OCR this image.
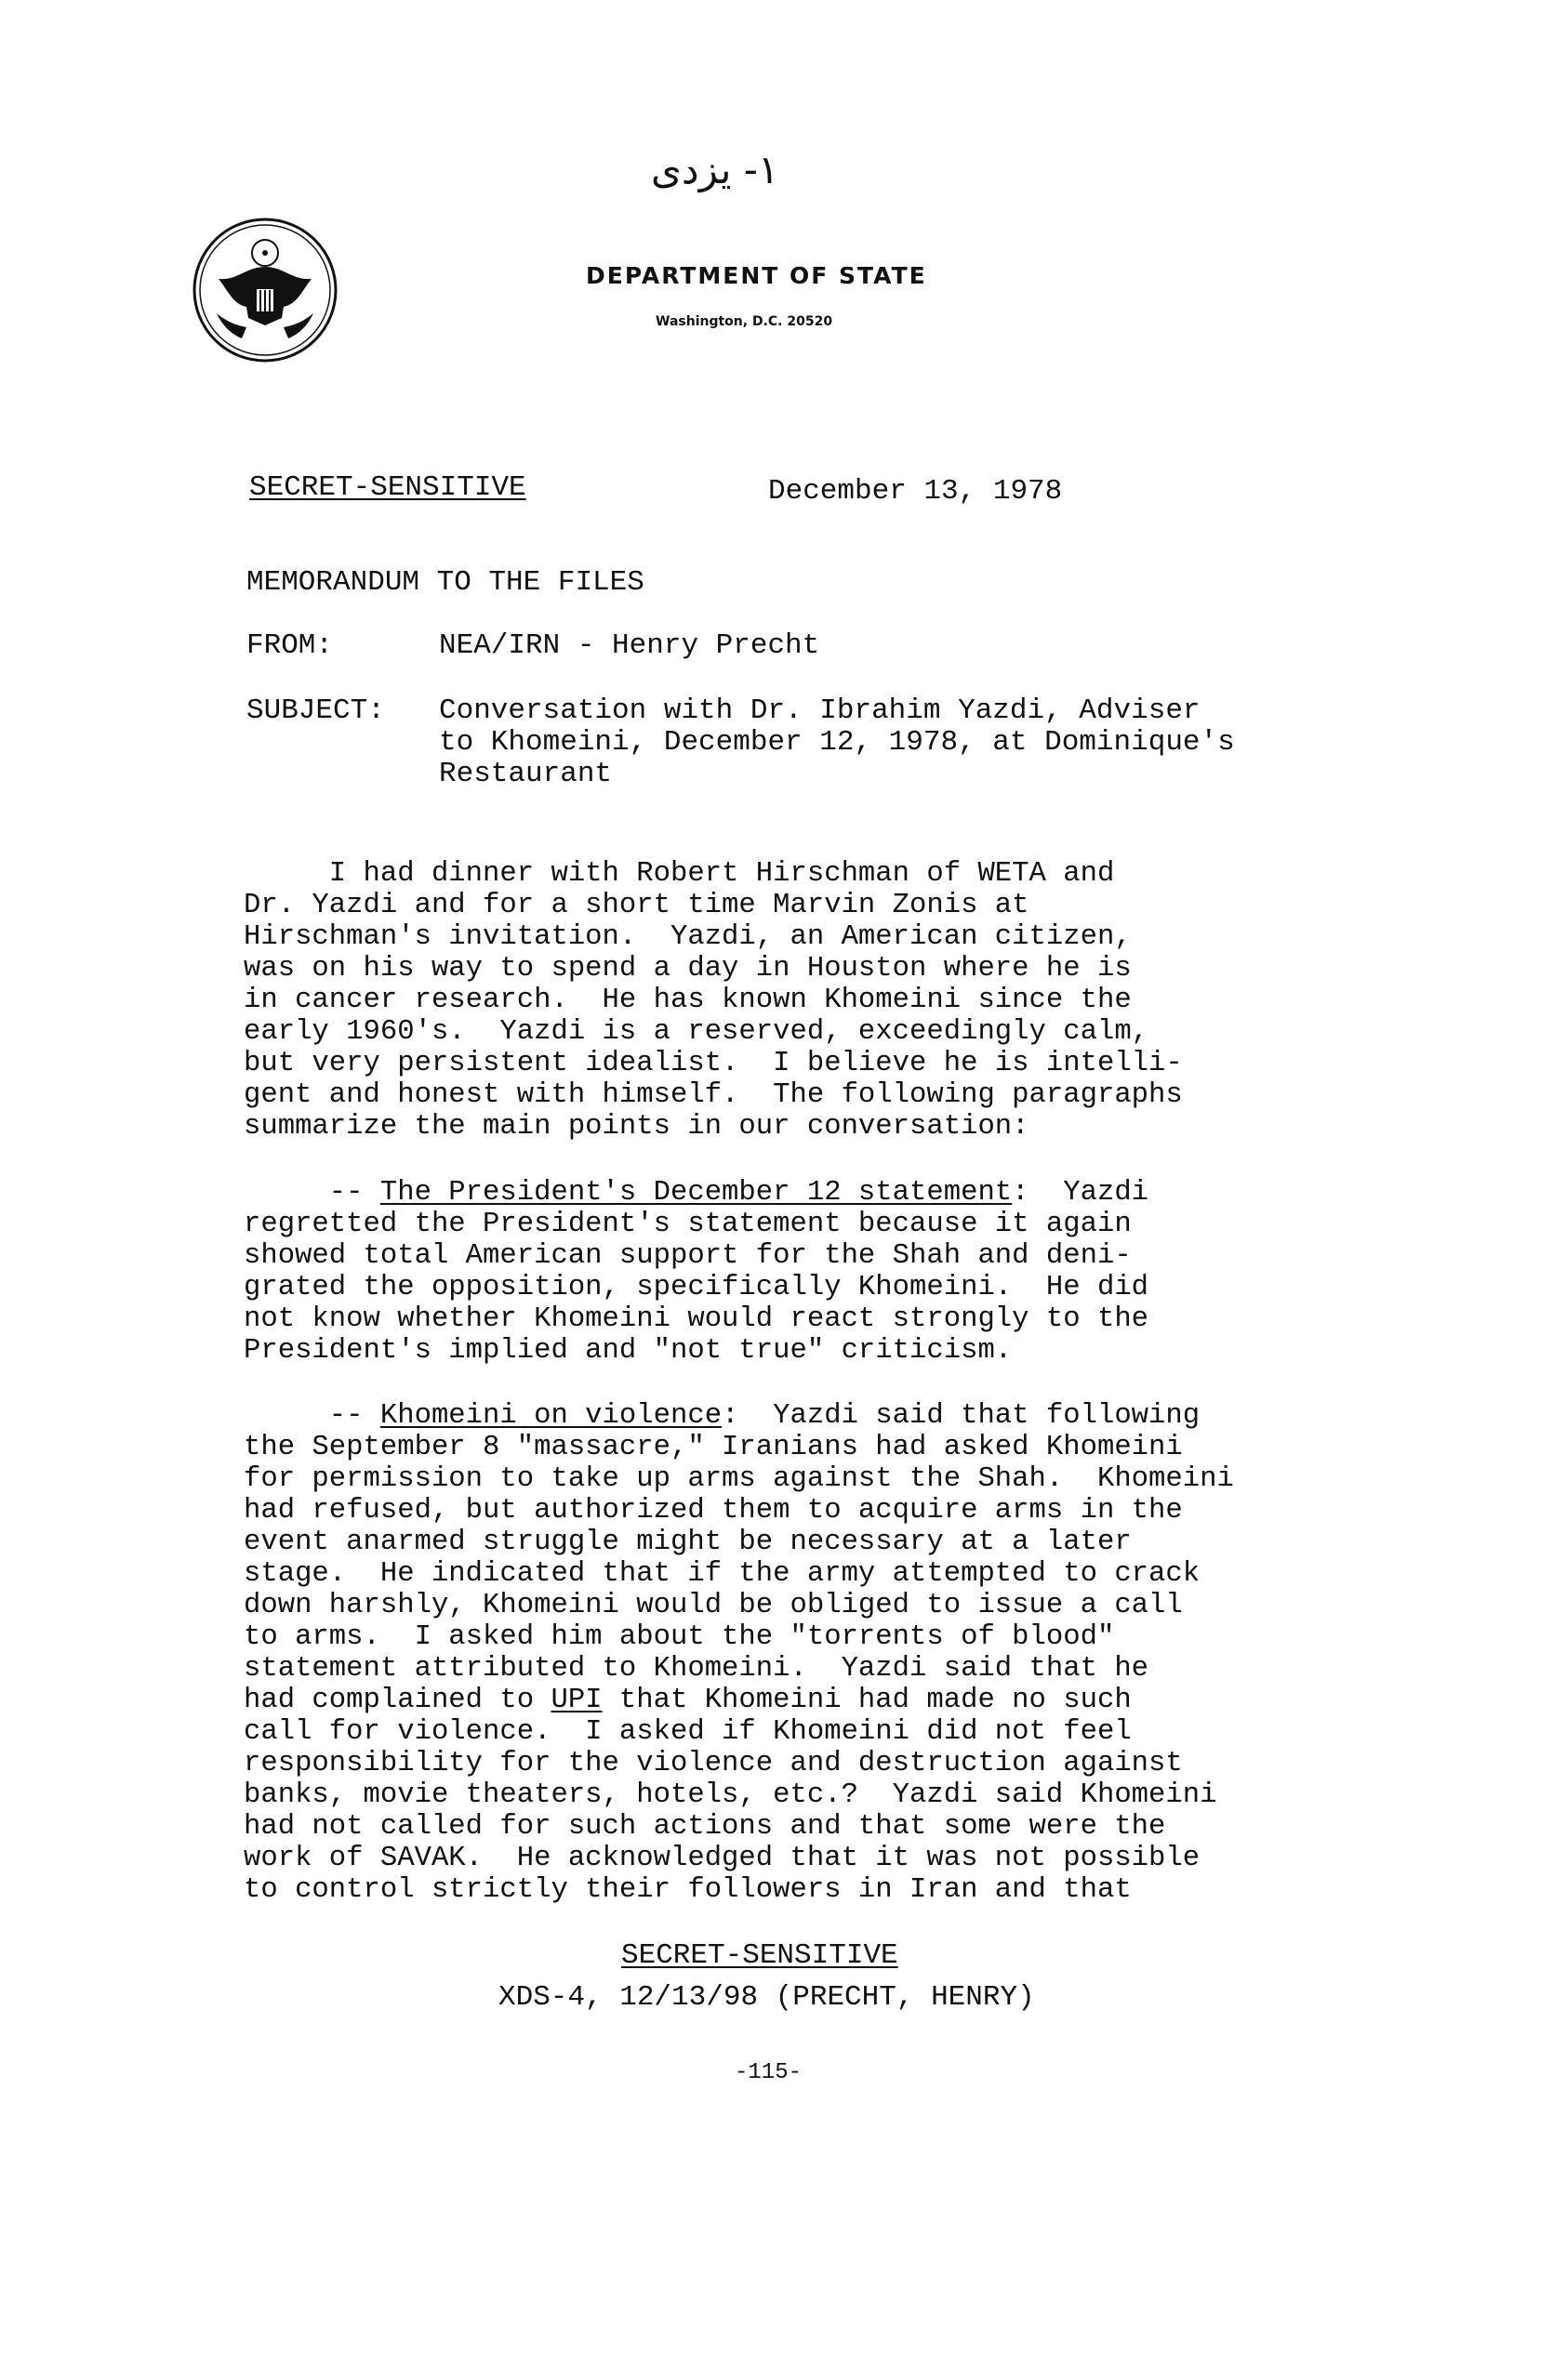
۱- یزدی
DEPARTMENT OF STATE
Washington, D.C. 20520
SECRET-SENSITIVE	December 13, 1978
MEMORANDUM TO THE FILES
FROM:	NEA/IRN - Henry Precht
SUBJECT: Conversation with Dr. Ibrahim Yazdi, Adviser
to Khomeini, December 12, 1978, at Dominique's
Restaurant
I had dinner with Robert Hirschman of WETA and
Dr. Yazdi and for a short time Marvin Zonis at
Hirschman's invitation.  Yazdi, an American citizen,
was on his way to spend a day in Houston where he is
in cancer research.  He has known Khomeini since the
early 1960's.  Yazdi is a reserved, exceedingly calm,
but very persistent idealist.  I believe he is intelli-
gent and honest with himself.  The following paragraphs
summarize the main points in our conversation:
-- The President's December 12 statement:  Yazdi
regretted the President's statement because it again
showed total American support for the Shah and deni-
grated the opposition, specifically Khomeini.  He did
not know whether Khomeini would react strongly to the
President's implied and "not true" criticism.
-- Khomeini on violence:  Yazdi said that following
the September 8 "massacre," Iranians had asked Khomeini
for permission to take up arms against the Shah.  Khomeini
had refused, but authorized them to acquire arms in the
event anarmed struggle might be necessary at a later
stage.  He indicated that if the army attempted to crack
down harshly, Khomeini would be obliged to issue a call
to arms.  I asked him about the "torrents of blood"
statement attributed to Khomeini.  Yazdi said that he
had complained to UPI that Khomeini had made no such
call for violence.  I asked if Khomeini did not feel
responsibility for the violence and destruction against
banks, movie theaters, hotels, etc.?  Yazdi said Khomeini
had not called for such actions and that some were the
work of SAVAK.  He acknowledged that it was not possible
to control strictly their followers in Iran and that
SECRET-SENSITIVE
XDS-4, 12/13/98 (PRECHT, HENRY)
-115-
